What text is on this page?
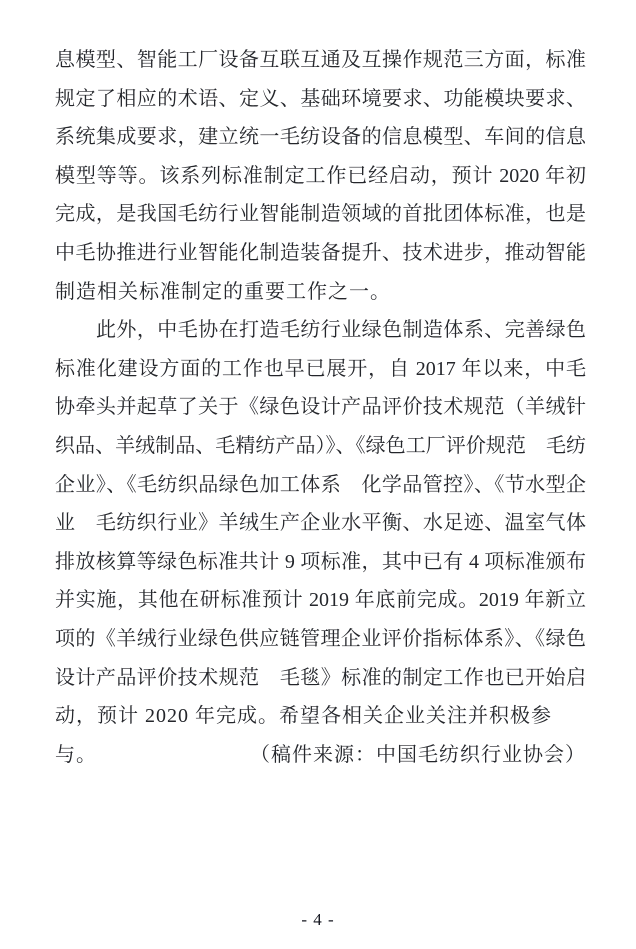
息模型、智能工厂设备互联互通及互操作规范三方面，标准
规定了相应的术语、定义、基础环境要求、功能模块要求、
系统集成要求，建立统一毛纺设备的信息模型、车间的信息
模型等等。该系列标准制定工作已经启动，预计 2020 年初
完成，是我国毛纺行业智能制造领域的首批团体标准，也是
中毛协推进行业智能化制造装备提升、技术进步，推动智能
制造相关标准制定的重要工作之一。
此外，中毛协在打造毛纺行业绿色制造体系、完善绿色
标准化建设方面的工作也早已展开，自 2017 年以来，中毛
协牵头并起草了关于《绿色设计产品评价技术规范（羊绒针
织品、羊绒制品、毛精纺产品）》、《绿色工厂评价规范　毛纺
企业》、《毛纺织品绿色加工体系　化学品管控》、《节水型企
业　毛纺织行业》羊绒生产企业水平衡、水足迹、温室气体
排放核算等绿色标准共计 9 项标准，其中已有 4 项标准颁布
并实施，其他在研标准预计 2019 年底前完成。2019 年新立
项的《羊绒行业绿色供应链管理企业评价指标体系》、《绿色
设计产品评价技术规范　毛毯》标准的制定工作也已开始启
动，预计 2020 年完成。希望各相关企业关注并积极参与。	（稿件来源：中国毛纺织行业协会）
- 4 -
